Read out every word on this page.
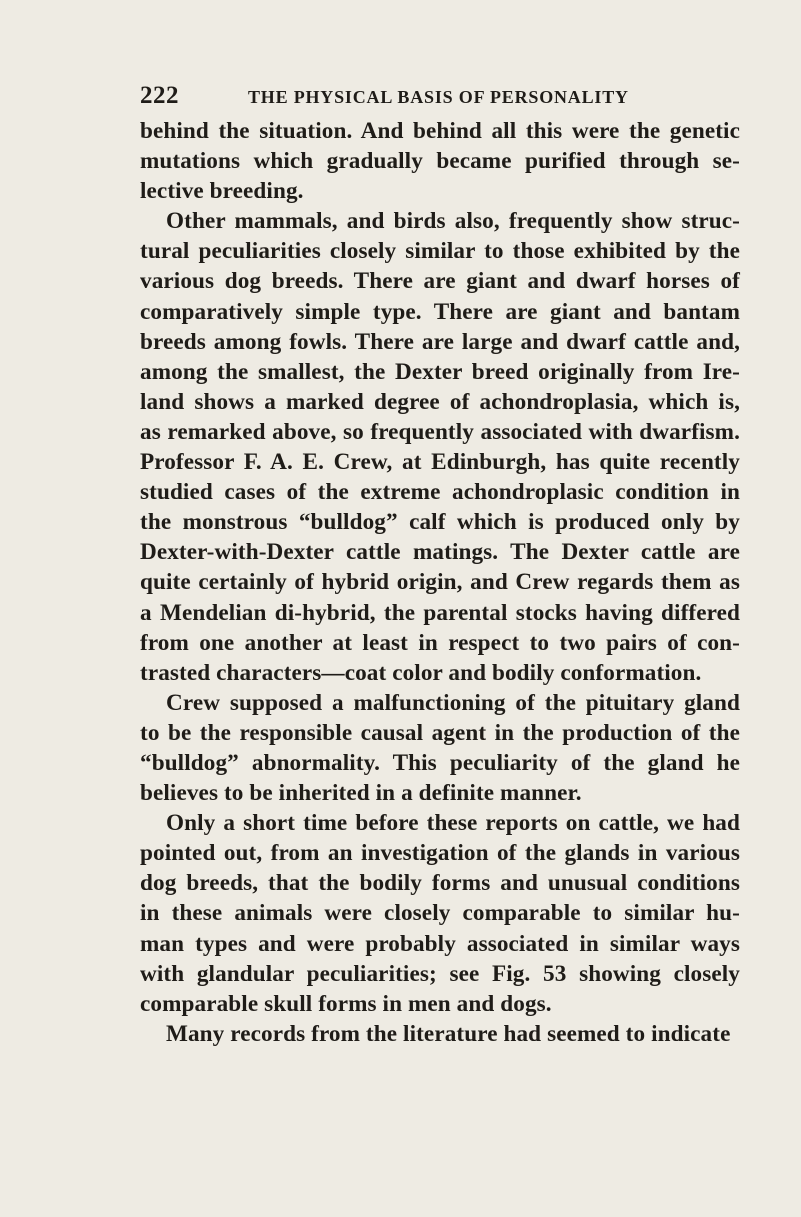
222	THE PHYSICAL BASIS OF PERSONALITY
behind the situation. And behind all this were the genetic
mutations which gradually became purified through se-
lective breeding.
Other mammals, and birds also, frequently show struc-
tural peculiarities closely similar to those exhibited by the
various dog breeds. There are giant and dwarf horses of
comparatively simple type. There are giant and bantam
breeds among fowls. There are large and dwarf cattle and,
among the smallest, the Dexter breed originally from Ire-
land shows a marked degree of achondroplasia, which is,
as remarked above, so frequently associated with dwarfism.
Professor F. A. E. Crew, at Edinburgh, has quite recently
studied cases of the extreme achondroplasic condition in
the monstrous “bulldog” calf which is produced only by
Dexter-with-Dexter cattle matings. The Dexter cattle are
quite certainly of hybrid origin, and Crew regards them as
a Mendelian di-hybrid, the parental stocks having differed
from one another at least in respect to two pairs of con-
trasted characters—coat color and bodily conformation.
Crew supposed a malfunctioning of the pituitary gland
to be the responsible causal agent in the production of the
“bulldog” abnormality. This peculiarity of the gland he
believes to be inherited in a definite manner.
Only a short time before these reports on cattle, we had
pointed out, from an investigation of the glands in various
dog breeds, that the bodily forms and unusual conditions
in these animals were closely comparable to similar hu-
man types and were probably associated in similar ways
with glandular peculiarities; see Fig. 53 showing closely
comparable skull forms in men and dogs.
Many records from the literature had seemed to indicate
